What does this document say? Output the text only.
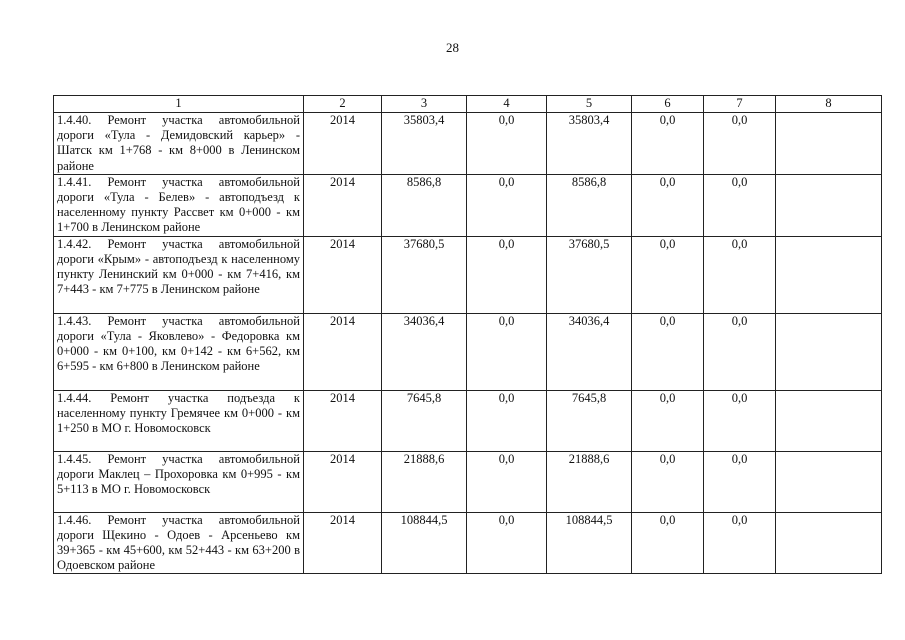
28
1	2	3	4	5	6	7	8
1.4.40. Ремонт участка автомобильной дороги «Тула - Демидовский карьер» - Шатск км 1+768 - км 8+000 в Ленинском районе	2014	35803,4	0,0	35803,4	0,0	0,0	
1.4.41. Ремонт участка автомобильной дороги «Тула - Белев» - автоподъезд к населенному пункту Рассвет км 0+000 - км 1+700 в Ленинском районе	2014	8586,8	0,0	8586,8	0,0	0,0	
1.4.42. Ремонт участка автомобильной дороги «Крым» - автоподъезд к населенному пункту Ленинский км 0+000 - км 7+416, км 7+443 - км 7+775 в Ленинском районе	2014	37680,5	0,0	37680,5	0,0	0,0	
1.4.43. Ремонт участка автомобильной дороги «Тула - Яковлево» - Федоровка км 0+000 - км 0+100, км 0+142 - км 6+562, км 6+595 - км 6+800 в Ленинском районе	2014	34036,4	0,0	34036,4	0,0	0,0	
1.4.44. Ремонт участка подъезда к населенному пункту Гремячее км 0+000 - км 1+250 в МО г. Новомосковск	2014	7645,8	0,0	7645,8	0,0	0,0	
1.4.45. Ремонт участка автомобильной дороги Маклец – Прохоровка км 0+995 - км 5+113 в МО г. Новомосковск	2014	21888,6	0,0	21888,6	0,0	0,0	
1.4.46. Ремонт участка автомобильной дороги Щекино - Одоев - Арсеньево км 39+365 - км 45+600, км 52+443 - км 63+200 в Одоевском районе	2014	108844,5	0,0	108844,5	0,0	0,0	
